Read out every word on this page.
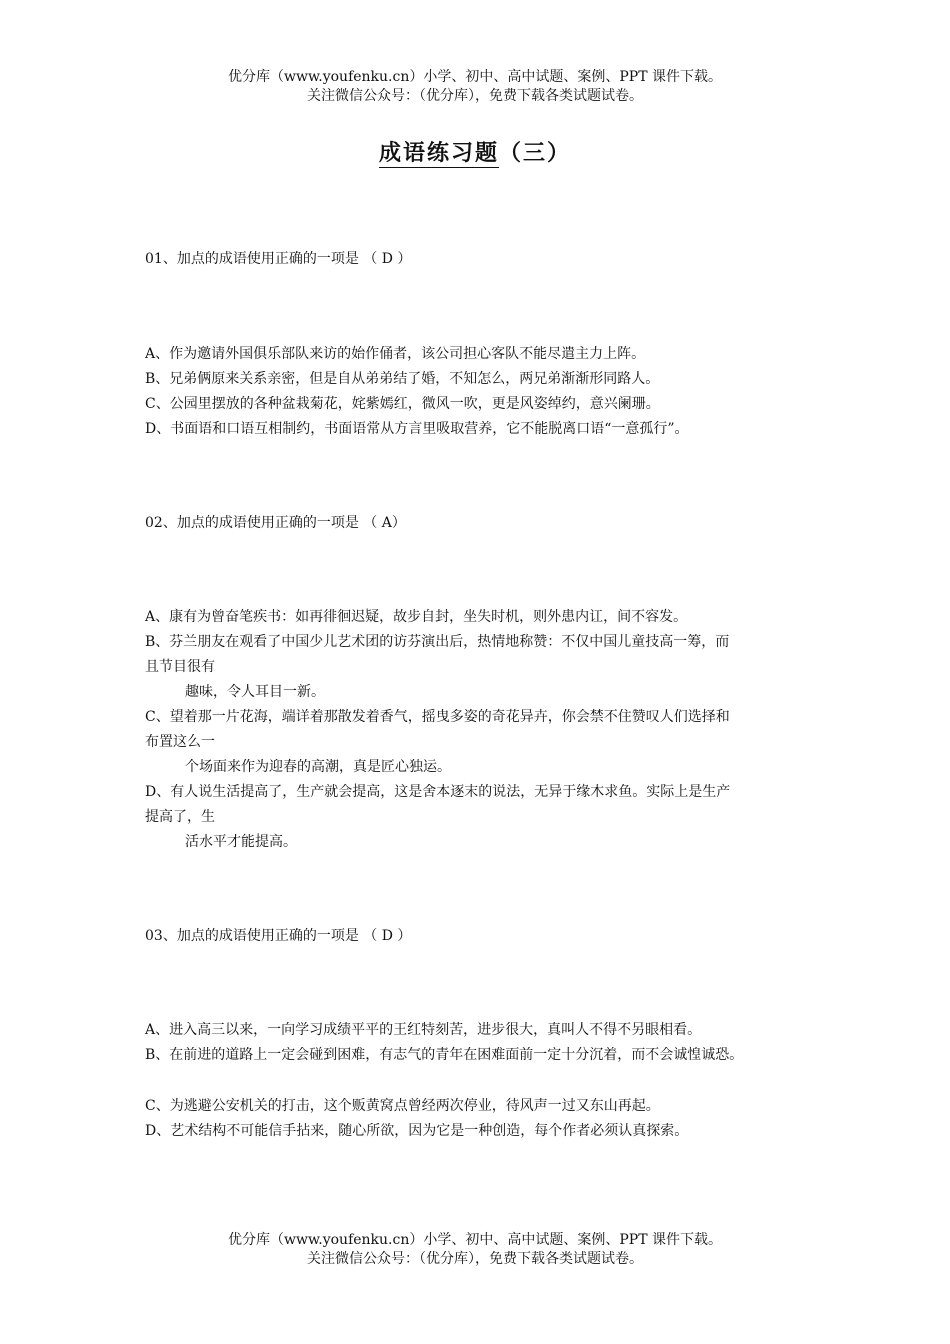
优分库（www.youfenku.cn）小学、初中、高中试题、案例、PPT 课件下载。
关注微信公众号：（优分库），免费下载各类试题试卷。
成语练习题（三）
01、加点的成语使用正确的一项是 （ D ）
A、作为邀请外国俱乐部队来访的始作俑者，该公司担心客队不能尽遣主力上阵。
B、兄弟俩原来关系亲密，但是自从弟弟结了婚，不知怎么，两兄弟渐渐形同路人。
C、公园里摆放的各种盆栽菊花，姹紫嫣红，微风一吹，更是风姿绰约，意兴阑珊。
D、书面语和口语互相制约，书面语常从方言里吸取营养，它不能脱离口语“一意孤行”。
02、加点的成语使用正确的一项是 （ A）
A、康有为曾奋笔疾书：如再徘徊迟疑，故步自封，坐失时机，则外患内讧，间不容发。
B、芬兰朋友在观看了中国少儿艺术团的访芬演出后，热情地称赞：不仅中国儿童技高一筹，而
且节目很有
趣味，令人耳目一新。
C、望着那一片花海，端详着那散发着香气，摇曳多姿的奇花异卉，你会禁不住赞叹人们选择和
布置这么一
个场面来作为迎春的高潮，真是匠心独运。
D、有人说生活提高了，生产就会提高，这是舍本逐末的说法，无异于缘木求鱼。实际上是生产
提高了，生
活水平才能提高。
03、加点的成语使用正确的一项是 （ D ）
A、进入高三以来，一向学习成绩平平的王红特刻苦，进步很大，真叫人不得不另眼相看。
B、在前进的道路上一定会碰到困难，有志气的青年在困难面前一定十分沉着，而不会诚惶诚恐。
C、为逃避公安机关的打击，这个贩黄窝点曾经两次停业，待风声一过又东山再起。
D、艺术结构不可能信手拈来，随心所欲，因为它是一种创造，每个作者必须认真探索。
优分库（www.youfenku.cn）小学、初中、高中试题、案例、PPT 课件下载。
关注微信公众号：（优分库），免费下载各类试题试卷。
